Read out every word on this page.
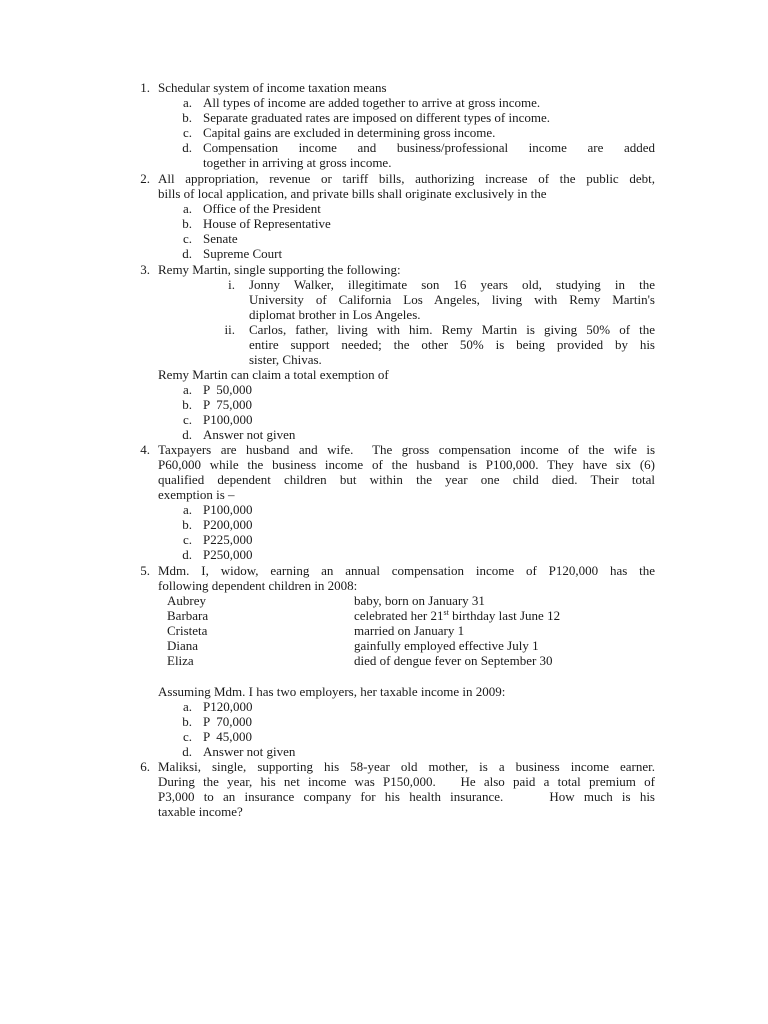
1. Schedular system of income taxation means
a. All types of income are added together to arrive at gross income.
b. Separate graduated rates are imposed on different types of income.
c. Capital gains are excluded in determining gross income.
d. Compensation income and business/professional income are added
together in arriving at gross income.
2. All appropriation, revenue or tariff bills, authorizing increase of the public debt,
bills of local application, and private bills shall originate exclusively in the
a. Office of the President
b. House of Representative
c. Senate
d. Supreme Court
3. Remy Martin, single supporting the following:
i. Jonny Walker, illegitimate son 16 years old, studying in the
University of California Los Angeles, living with Remy Martin's
diplomat brother in Los Angeles.
ii. Carlos, father, living with him. Remy Martin is giving 50% of the
entire support needed; the other 50% is being provided by his
sister, Chivas.
Remy Martin can claim a total exemption of
a. P  50,000
b. P  75,000
c. P100,000
d. Answer not given
4. Taxpayers are husband and wife.  The gross compensation income of the wife is
P60,000 while the business income of the husband is P100,000. They have six (6)
qualified dependent children but within the year one child died. Their total
exemption is –
a. P100,000
b. P200,000
c. P225,000
d. P250,000
5. Mdm. I, widow, earning an annual compensation income of P120,000 has the
following dependent children in 2008:
Aubrey	baby, born on January 31
Barbara	celebrated her 21st birthday last June 12
Cristeta	married on January 1
Diana	gainfully employed effective July 1
Eliza	died of dengue fever on September 30
Assuming Mdm. I has two employers, her taxable income in 2009:
a. P120,000
b. P  70,000
c. P  45,000
d. Answer not given
6. Maliksi, single, supporting his 58-year old mother, is a business income earner.
During the year, his net income was P150,000.   He also paid a total premium of
P3,000 to an insurance company for his health insurance.     How much is his
taxable income?
